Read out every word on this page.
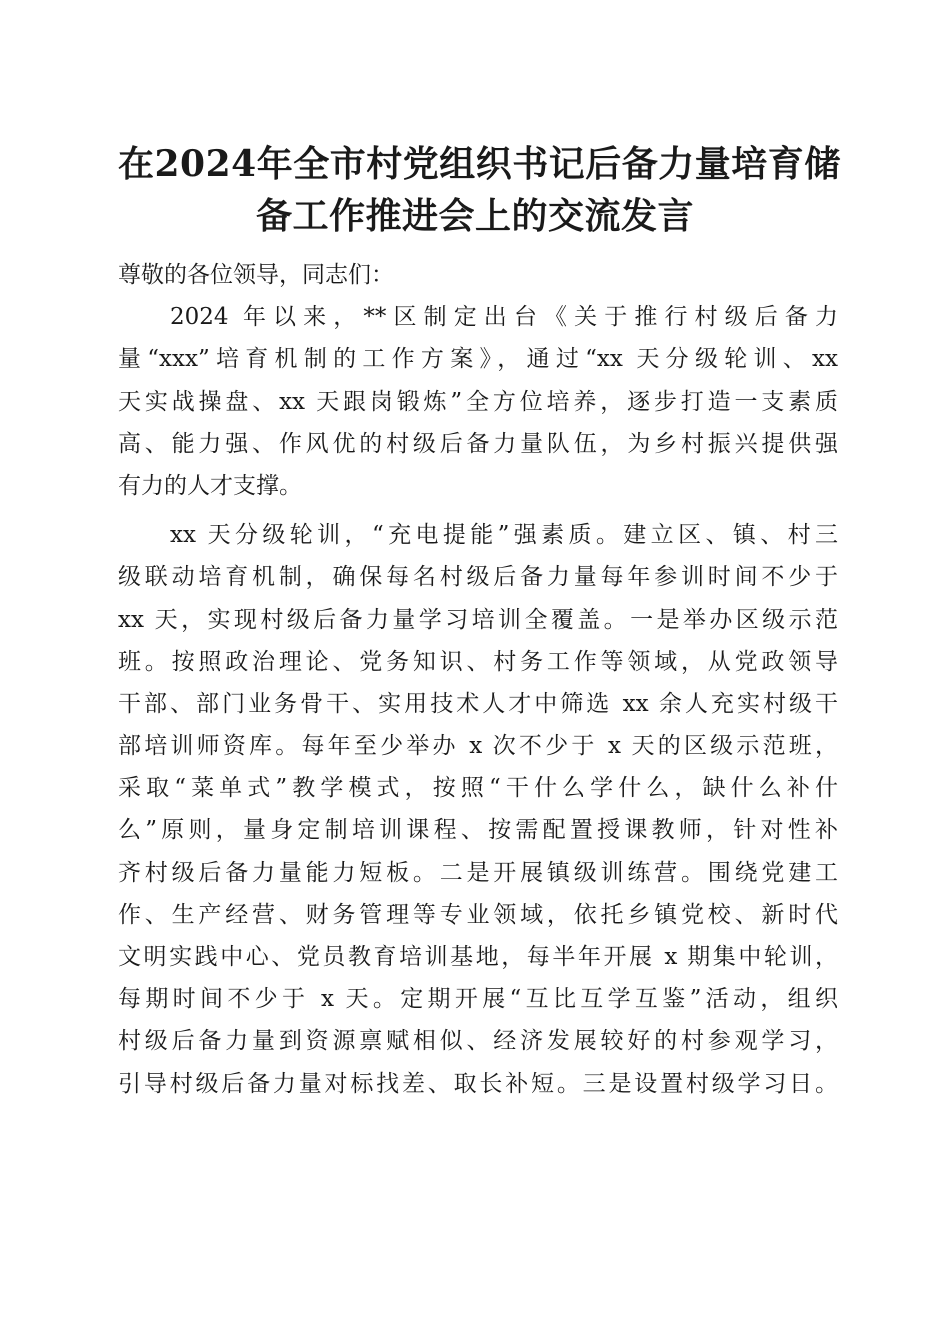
在2024年全市村党组织书记后备力量培育储
备工作推进会上的交流发言
尊敬的各位领导，同志们：
2024 年以来，**区制定出台《关于推行村级后备力
量“xxx”培育机制的工作方案》，通过“xx 天分级轮训、xx
天实战操盘、xx 天跟岗锻炼”全方位培养，逐步打造一支素质
高、能力强、作风优的村级后备力量队伍，为乡村振兴提供强
有力的人才支撑。
xx 天分级轮训，“充电提能”强素质。建立区、镇、村三
级联动培育机制，确保每名村级后备力量每年参训时间不少于
xx 天，实现村级后备力量学习培训全覆盖。一是举办区级示范
班。按照政治理论、党务知识、村务工作等领域，从党政领导
干部、部门业务骨干、实用技术人才中筛选 xx 余人充实村级干
部培训师资库。每年至少举办 x 次不少于 x 天的区级示范班，
采取“菜单式”教学模式，按照“干什么学什么，缺什么补什
么”原则，量身定制培训课程、按需配置授课教师，针对性补
齐村级后备力量能力短板。二是开展镇级训练营。围绕党建工
作、生产经营、财务管理等专业领域，依托乡镇党校、新时代
文明实践中心、党员教育培训基地，每半年开展 x 期集中轮训，
每期时间不少于 x 天。定期开展“互比互学互鉴”活动，组织
村级后备力量到资源禀赋相似、经济发展较好的村参观学习，
引导村级后备力量对标找差、取长补短。三是设置村级学习日。
